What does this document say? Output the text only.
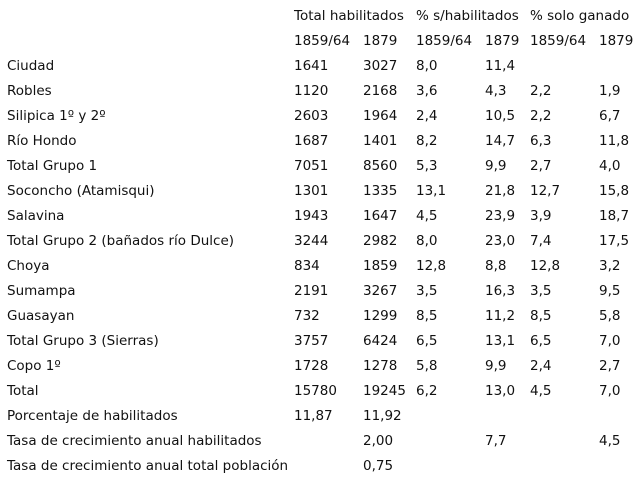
	Total habilitados		% s/habilitados		% solo ganado	
	1859/64	1879	1859/64	1879	1859/64	1879
Ciudad	1641	3027	8,0	11,4		
Robles	1120	2168	3,6	4,3	2,2	1,9
Silipica 1º y 2º	2603	1964	2,4	10,5	2,2	6,7
Río Hondo	1687	1401	8,2	14,7	6,3	11,8
Total Grupo 1	7051	8560	5,3	9,9	2,7	4,0
Soconcho (Atamisqui)	1301	1335	13,1	21,8	12,7	15,8
Salavina	1943	1647	4,5	23,9	3,9	18,7
Total Grupo 2 (bañados río Dulce)	3244	2982	8,0	23,0	7,4	17,5
Choya	834	1859	12,8	8,8	12,8	3,2
Sumampa	2191	3267	3,5	16,3	3,5	9,5
Guasayan	732	1299	8,5	11,2	8,5	5,8
Total Grupo 3 (Sierras)	3757	6424	6,5	13,1	6,5	7,0
Copo 1º	1728	1278	5,8	9,9	2,4	2,7
Total	15780	19245	6,2	13,0	4,5	7,0
Porcentaje de habilitados	11,87	11,92				
Tasa de crecimiento anual habilitados		2,00		7,7		4,5
Tasa de crecimiento anual total población		0,75				
